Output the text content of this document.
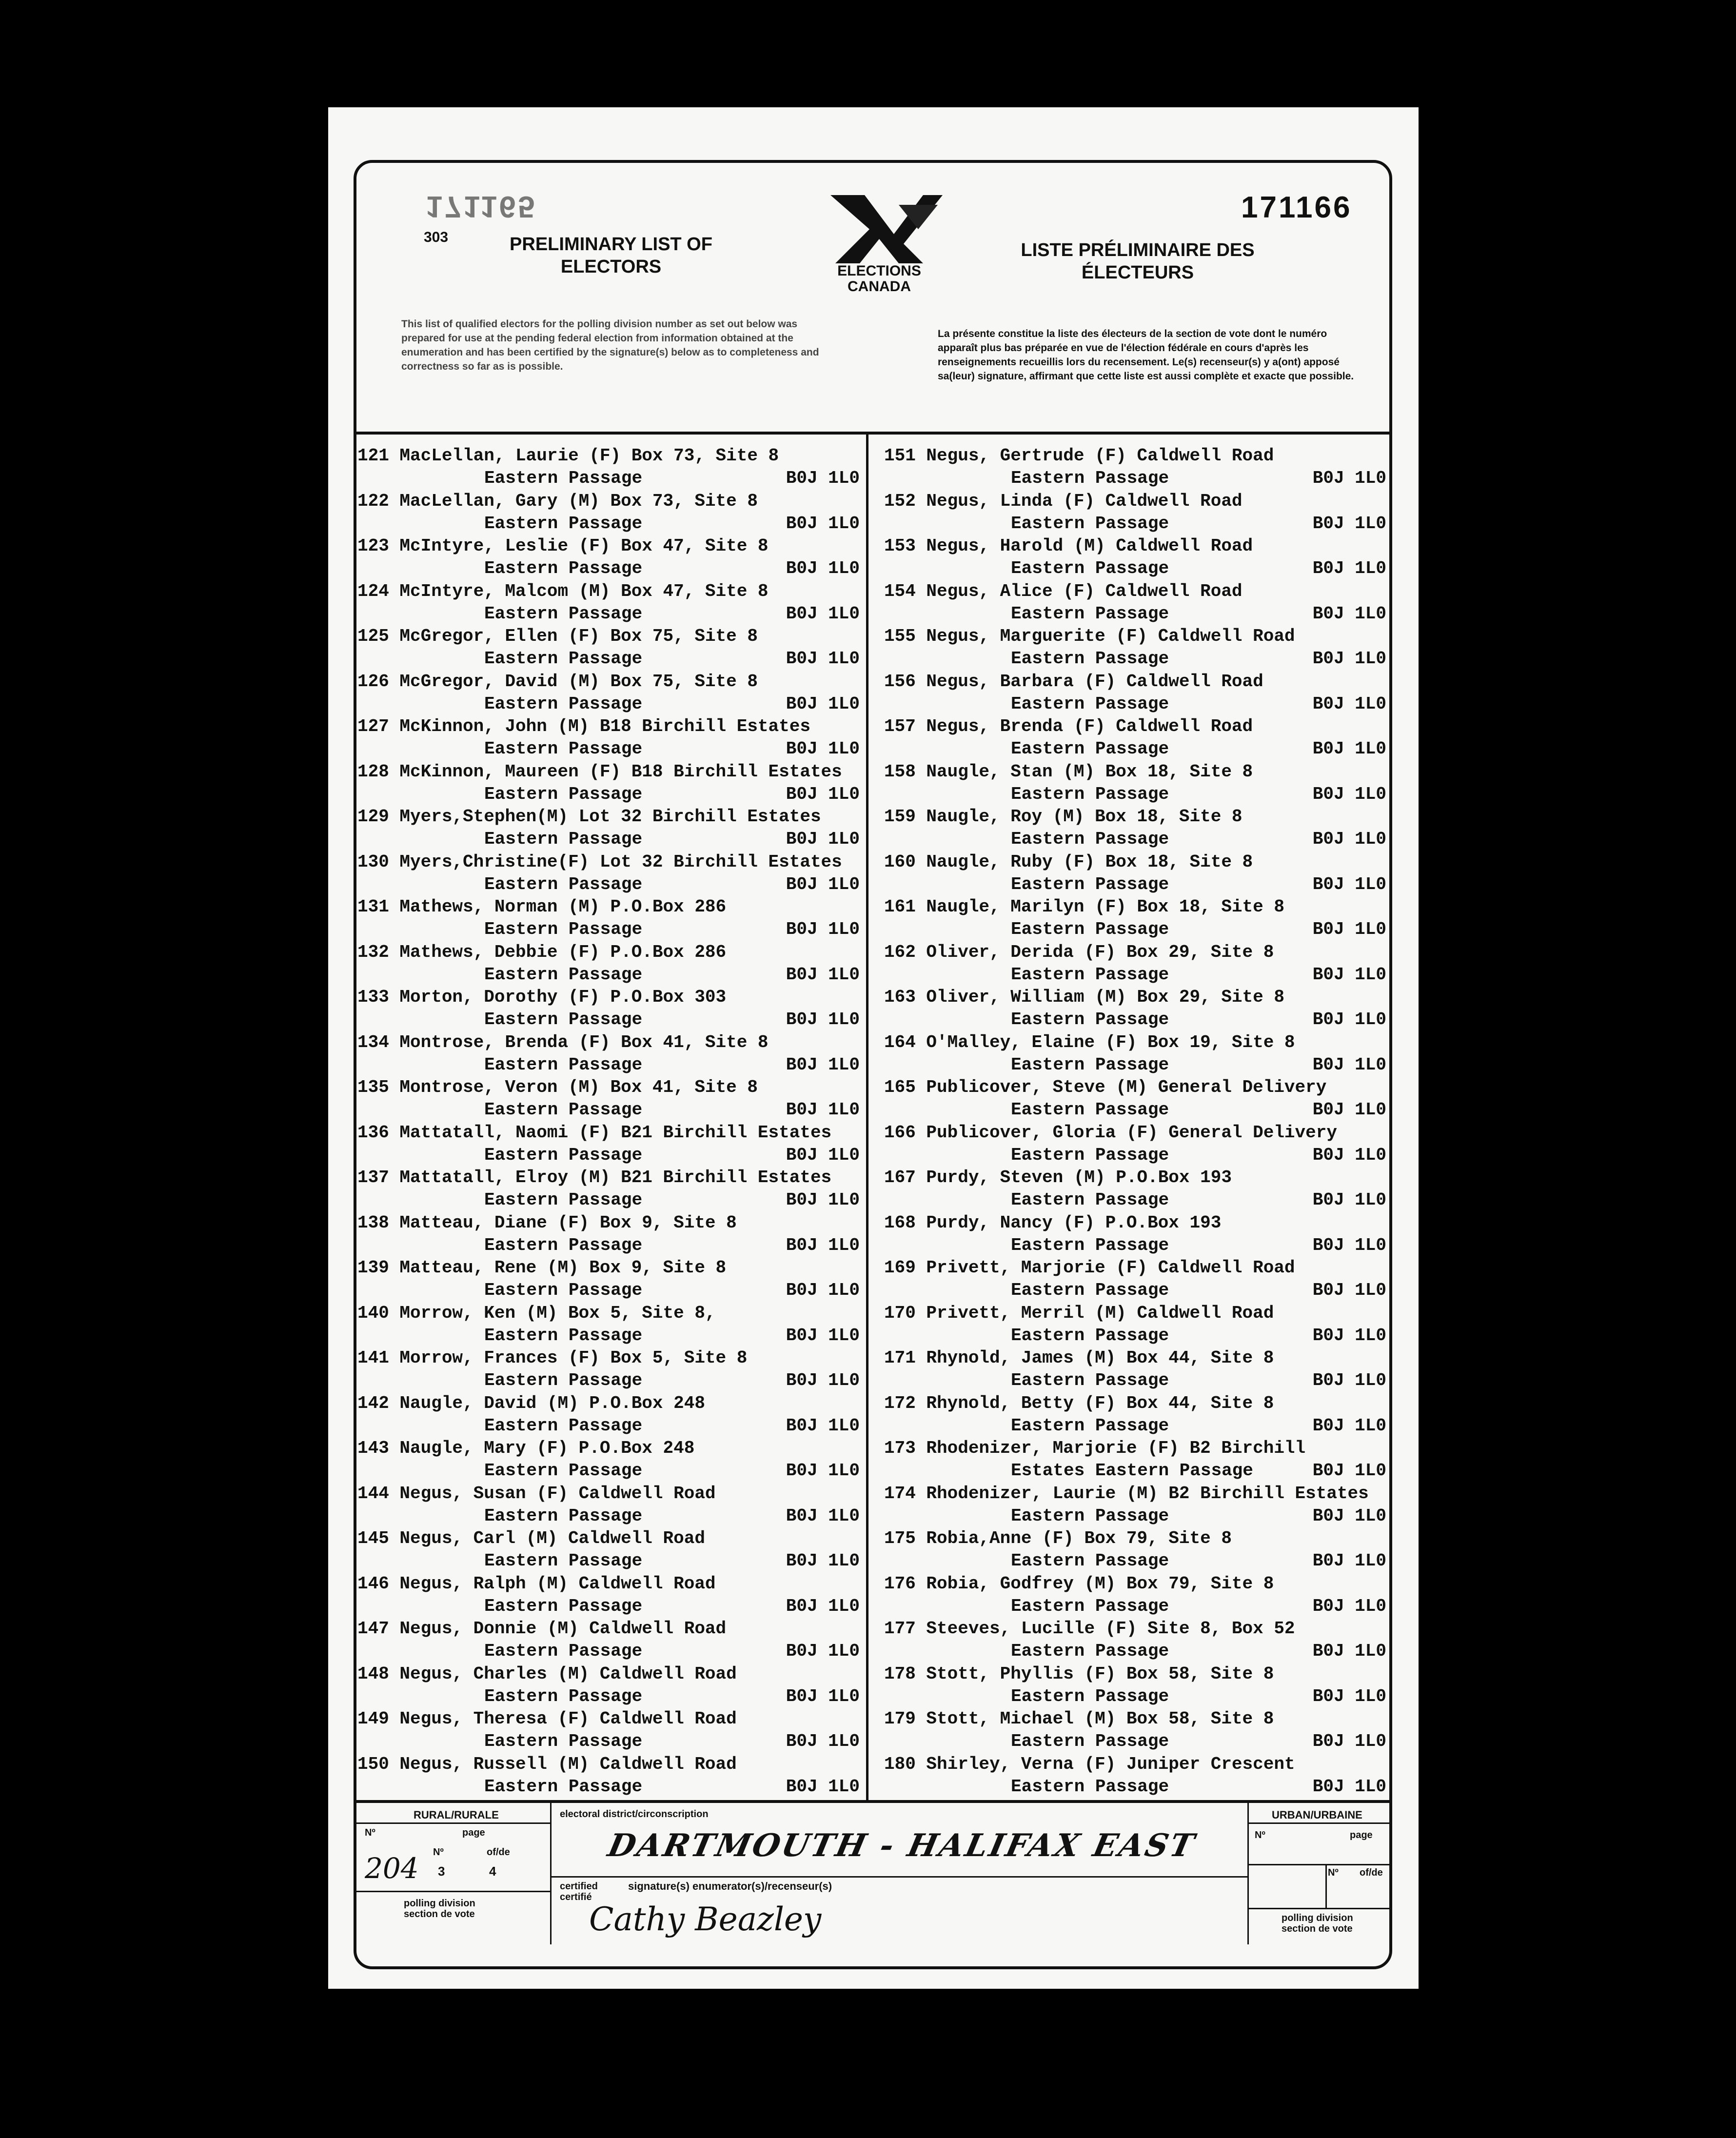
171165
303	PRELIMINARY LIST OF ELECTORS	ELECTIONS CANADA
171166
LISTE PRÉLIMINAIRE DES ÉLECTEURS
This list of qualified electors for the polling division number as set out below was prepared for use at the pending federal election from information obtained at the enumeration and has been certified by the signature(s) below as to completeness and correctness so far as is possible.
La présente constitue la liste des électeurs de la section de vote dont le numéro apparaît plus bas préparée en vue de l'élection fédérale en cours d'après les renseignements recueillis lors du recensement. Le(s) recenseur(s) y a(ont) apposé sa(leur) signature, affirmant que cette liste est aussi complète et exacte que possible.
121 MacLellan, Laurie (F) Box 73, Site 8
Eastern Passage	B0J 1L0
122 MacLellan, Gary (M) Box 73, Site 8
Eastern Passage	B0J 1L0
123 McIntyre, Leslie (F) Box 47, Site 8
Eastern Passage	B0J 1L0
124 McIntyre, Malcom (M) Box 47, Site 8
Eastern Passage	B0J 1L0
125 McGregor, Ellen (F) Box 75, Site 8
Eastern Passage	B0J 1L0
126 McGregor, David (M) Box 75, Site 8
Eastern Passage	B0J 1L0
127 McKinnon, John (M) B18 Birchill Estates
Eastern Passage	B0J 1L0
128 McKinnon, Maureen (F) B18 Birchill Estates
Eastern Passage	B0J 1L0
129 Myers,Stephen(M) Lot 32 Birchill Estates
Eastern Passage	B0J 1L0
130 Myers,Christine(F) Lot 32 Birchill Estates
Eastern Passage	B0J 1L0
131 Mathews, Norman (M) P.O.Box 286
Eastern Passage	B0J 1L0
132 Mathews, Debbie (F) P.O.Box 286
Eastern Passage	B0J 1L0
133 Morton, Dorothy (F) P.O.Box 303
Eastern Passage	B0J 1L0
134 Montrose, Brenda (F) Box 41, Site 8
Eastern Passage	B0J 1L0
135 Montrose, Veron (M) Box 41, Site 8
Eastern Passage	B0J 1L0
136 Mattatall, Naomi (F) B21 Birchill Estates
Eastern Passage	B0J 1L0
137 Mattatall, Elroy (M) B21 Birchill Estates
Eastern Passage	B0J 1L0
138 Matteau, Diane (F) Box 9, Site 8
Eastern Passage	B0J 1L0
139 Matteau, Rene (M) Box 9, Site 8
Eastern Passage	B0J 1L0
140 Morrow, Ken (M) Box 5, Site 8,
Eastern Passage	B0J 1L0
141 Morrow, Frances (F) Box 5, Site 8
Eastern Passage	B0J 1L0
142 Naugle, David (M) P.O.Box 248
Eastern Passage	B0J 1L0
143 Naugle, Mary (F) P.O.Box 248
Eastern Passage	B0J 1L0
144 Negus, Susan (F) Caldwell Road
Eastern Passage	B0J 1L0
145 Negus, Carl (M) Caldwell Road
Eastern Passage	B0J 1L0
146 Negus, Ralph (M) Caldwell Road
Eastern Passage	B0J 1L0
147 Negus, Donnie (M) Caldwell Road
Eastern Passage	B0J 1L0
148 Negus, Charles (M) Caldwell Road
Eastern Passage	B0J 1L0
149 Negus, Theresa (F) Caldwell Road
Eastern Passage	B0J 1L0
150 Negus, Russell (M) Caldwell Road
Eastern Passage	B0J 1L0
151 Negus, Gertrude (F) Caldwell Road
Eastern Passage	B0J 1L0
152 Negus, Linda (F) Caldwell Road
Eastern Passage	B0J 1L0
153 Negus, Harold (M) Caldwell Road
Eastern Passage	B0J 1L0
154 Negus, Alice (F) Caldwell Road
Eastern Passage	B0J 1L0
155 Negus, Marguerite (F) Caldwell Road
Eastern Passage	B0J 1L0
156 Negus, Barbara (F) Caldwell Road
Eastern Passage	B0J 1L0
157 Negus, Brenda (F) Caldwell Road
Eastern Passage	B0J 1L0
158 Naugle, Stan (M) Box 18, Site 8
Eastern Passage	B0J 1L0
159 Naugle, Roy (M) Box 18, Site 8
Eastern Passage	B0J 1L0
160 Naugle, Ruby (F) Box 18, Site 8
Eastern Passage	B0J 1L0
161 Naugle, Marilyn (F) Box 18, Site 8
Eastern Passage	B0J 1L0
162 Oliver, Derida (F) Box 29, Site 8
Eastern Passage	B0J 1L0
163 Oliver, William (M) Box 29, Site 8
Eastern Passage	B0J 1L0
164 O'Malley, Elaine (F) Box 19, Site 8
Eastern Passage	B0J 1L0
165 Publicover, Steve (M) General Delivery
Eastern Passage	B0J 1L0
166 Publicover, Gloria (F) General Delivery
Eastern Passage	B0J 1L0
167 Purdy, Steven (M) P.O.Box 193
Eastern Passage	B0J 1L0
168 Purdy, Nancy (F) P.O.Box 193
Eastern Passage	B0J 1L0
169 Privett, Marjorie (F) Caldwell Road
Eastern Passage	B0J 1L0
170 Privett, Merril (M) Caldwell Road
Eastern Passage	B0J 1L0
171 Rhynold, James (M) Box 44, Site 8
Eastern Passage	B0J 1L0
172 Rhynold, Betty (F) Box 44, Site 8
Eastern Passage	B0J 1L0
173 Rhodenizer, Marjorie (F) B2 Birchill
Estates Eastern Passage	B0J 1L0
174 Rhodenizer, Laurie (M) B2 Birchill Estates
Eastern Passage	B0J 1L0
175 Robia,Anne (F) Box 79, Site 8
Eastern Passage	B0J 1L0
176 Robia, Godfrey (M) Box 79, Site 8
Eastern Passage	B0J 1L0
177 Steeves, Lucille (F) Site 8, Box 52
Eastern Passage	B0J 1L0
178 Stott, Phyllis (F) Box 58, Site 8
Eastern Passage	B0J 1L0
179 Stott, Michael (M) Box 58, Site 8
Eastern Passage	B0J 1L0
180 Shirley, Verna (F) Juniper Crescent
Eastern Passage	B0J 1L0
RURAL/RURALE	electoral district/circonscription	URBAN/URBAINE
Nº	page
Nº	of/de
204 3	4
polling division section de vote
DARTMOUTH - HALIFAX EAST
certified certifié
signature(s) enumerator(s)/recenseur(s)
Cathy Beazley
Nº	page
Nº of/de
polling division section de vote
